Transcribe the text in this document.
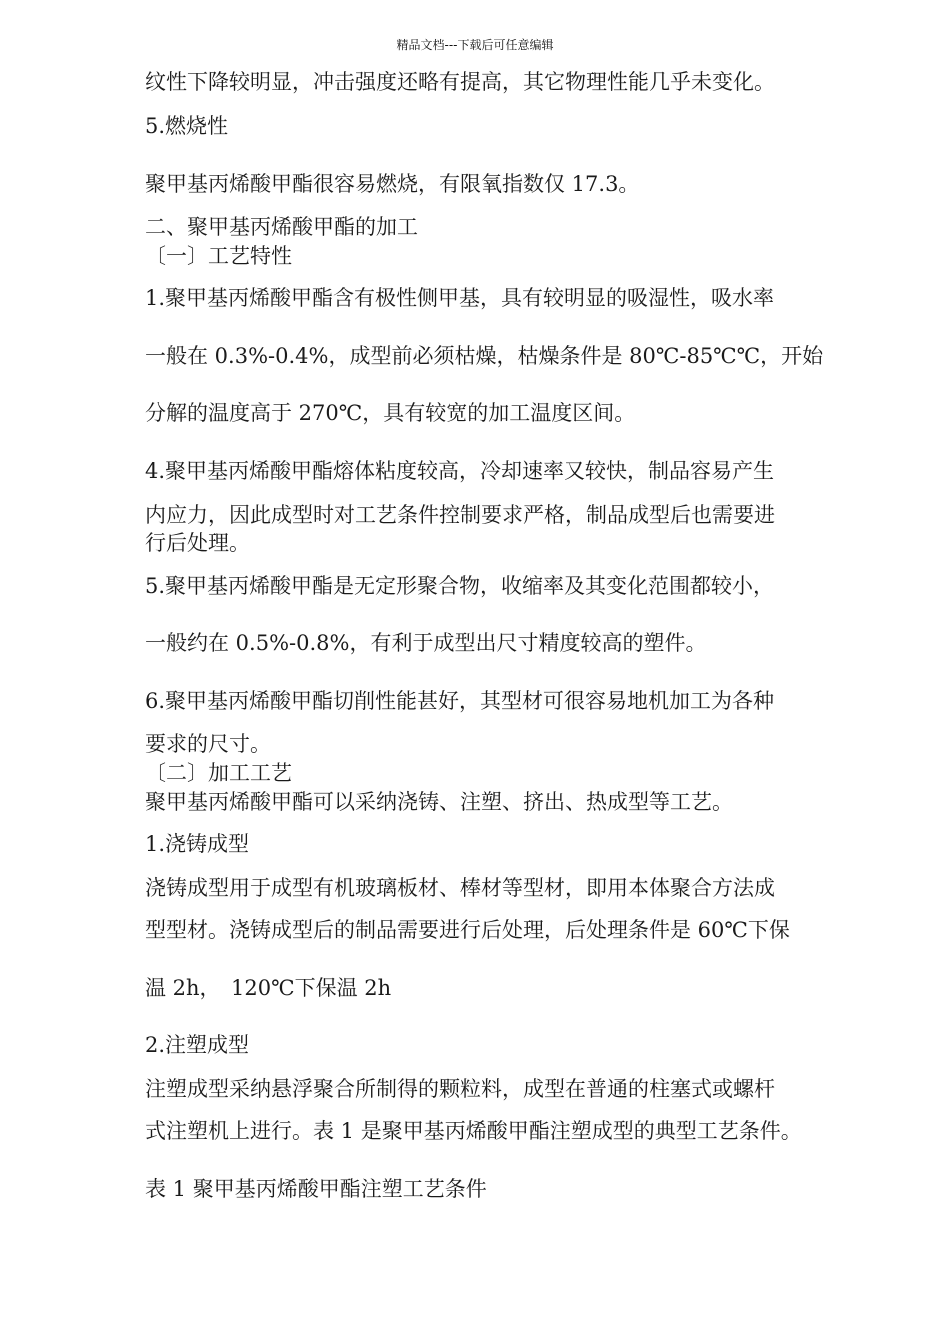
精品文档---下载后可任意编辑
纹性下降较明显，冲击强度还略有提高，其它物理性能几乎未变化。
5.燃烧性
聚甲基丙烯酸甲酯很容易燃烧，有限氧指数仅 17.3。
二、聚甲基丙烯酸甲酯的加工
〔一〕工艺特性
1.聚甲基丙烯酸甲酯含有极性侧甲基，具有较明显的吸湿性，吸水率
一般在 0.3%-0.4%，成型前必须枯燥，枯燥条件是 80℃-85℃℃，开始
分解的温度高于 270℃，具有较宽的加工温度区间。
4.聚甲基丙烯酸甲酯熔体粘度较高，冷却速率又较快，制品容易产生
内应力，因此成型时对工艺条件控制要求严格，制品成型后也需要进
行后处理。
5.聚甲基丙烯酸甲酯是无定形聚合物，收缩率及其变化范围都较小，
一般约在 0.5%-0.8%，有利于成型出尺寸精度较高的塑件。
6.聚甲基丙烯酸甲酯切削性能甚好，其型材可很容易地机加工为各种
要求的尺寸。
〔二〕加工工艺
聚甲基丙烯酸甲酯可以采纳浇铸、注塑、挤出、热成型等工艺。
1.浇铸成型
浇铸成型用于成型有机玻璃板材、棒材等型材，即用本体聚合方法成
型型材。浇铸成型后的制品需要进行后处理，后处理条件是 60℃下保
温 2h，　120℃下保温 2h
2.注塑成型
注塑成型采纳悬浮聚合所制得的颗粒料，成型在普通的柱塞式或螺杆
式注塑机上进行。表 1 是聚甲基丙烯酸甲酯注塑成型的典型工艺条件。
表 1 聚甲基丙烯酸甲酯注塑工艺条件
